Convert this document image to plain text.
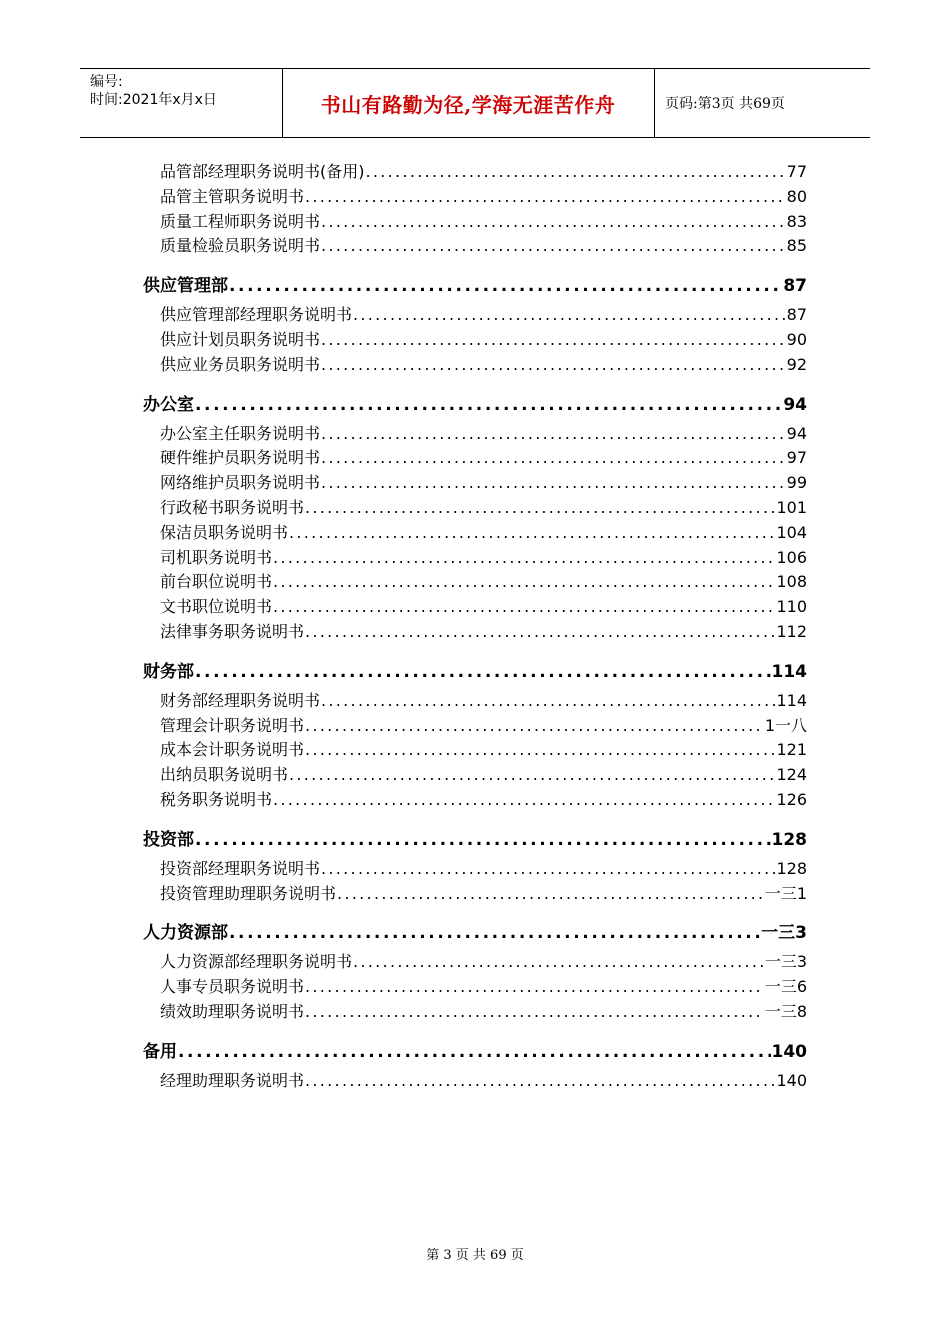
编号:
时间:2021年x月x日	书山有路勤为径,学海无涯苦作舟	页码:第3页 共69页
品管部经理职务说明书(备用) .....	77
品管主管职务说明书 .....	80
质量工程师职务说明书 .....	83
质量检验员职务说明书 .....	85
供应管理部 .....	87
供应管理部经理职务说明书 .....	87
供应计划员职务说明书 .....	90
供应业务员职务说明书 .....	92
办公室 .....	94
办公室主任职务说明书 .....	94
硬件维护员职务说明书 .....	97
网络维护员职务说明书 .....	99
行政秘书职务说明书 .....	101
保洁员职务说明书 .....	104
司机职务说明书 .....	106
前台职位说明书 .....	108
文书职位说明书 .....	110
法律事务职务说明书 .....	112
财务部 .....	114
财务部经理职务说明书 .....	114
管理会计职务说明书 .....	1一八
成本会计职务说明书 .....	121
出纳员职务说明书 .....	124
税务职务说明书 .....	126
投资部 .....	128
投资部经理职务说明书 .....	128
投资管理助理职务说明书 .....	一三1
人力资源部 .....	一三3
人力资源部经理职务说明书 .....	一三3
人事专员职务说明书 .....	一三6
绩效助理职务说明书 .....	一三8
备用 .....	140
经理助理职务说明书 .....	140
第 3 页 共 69 页
